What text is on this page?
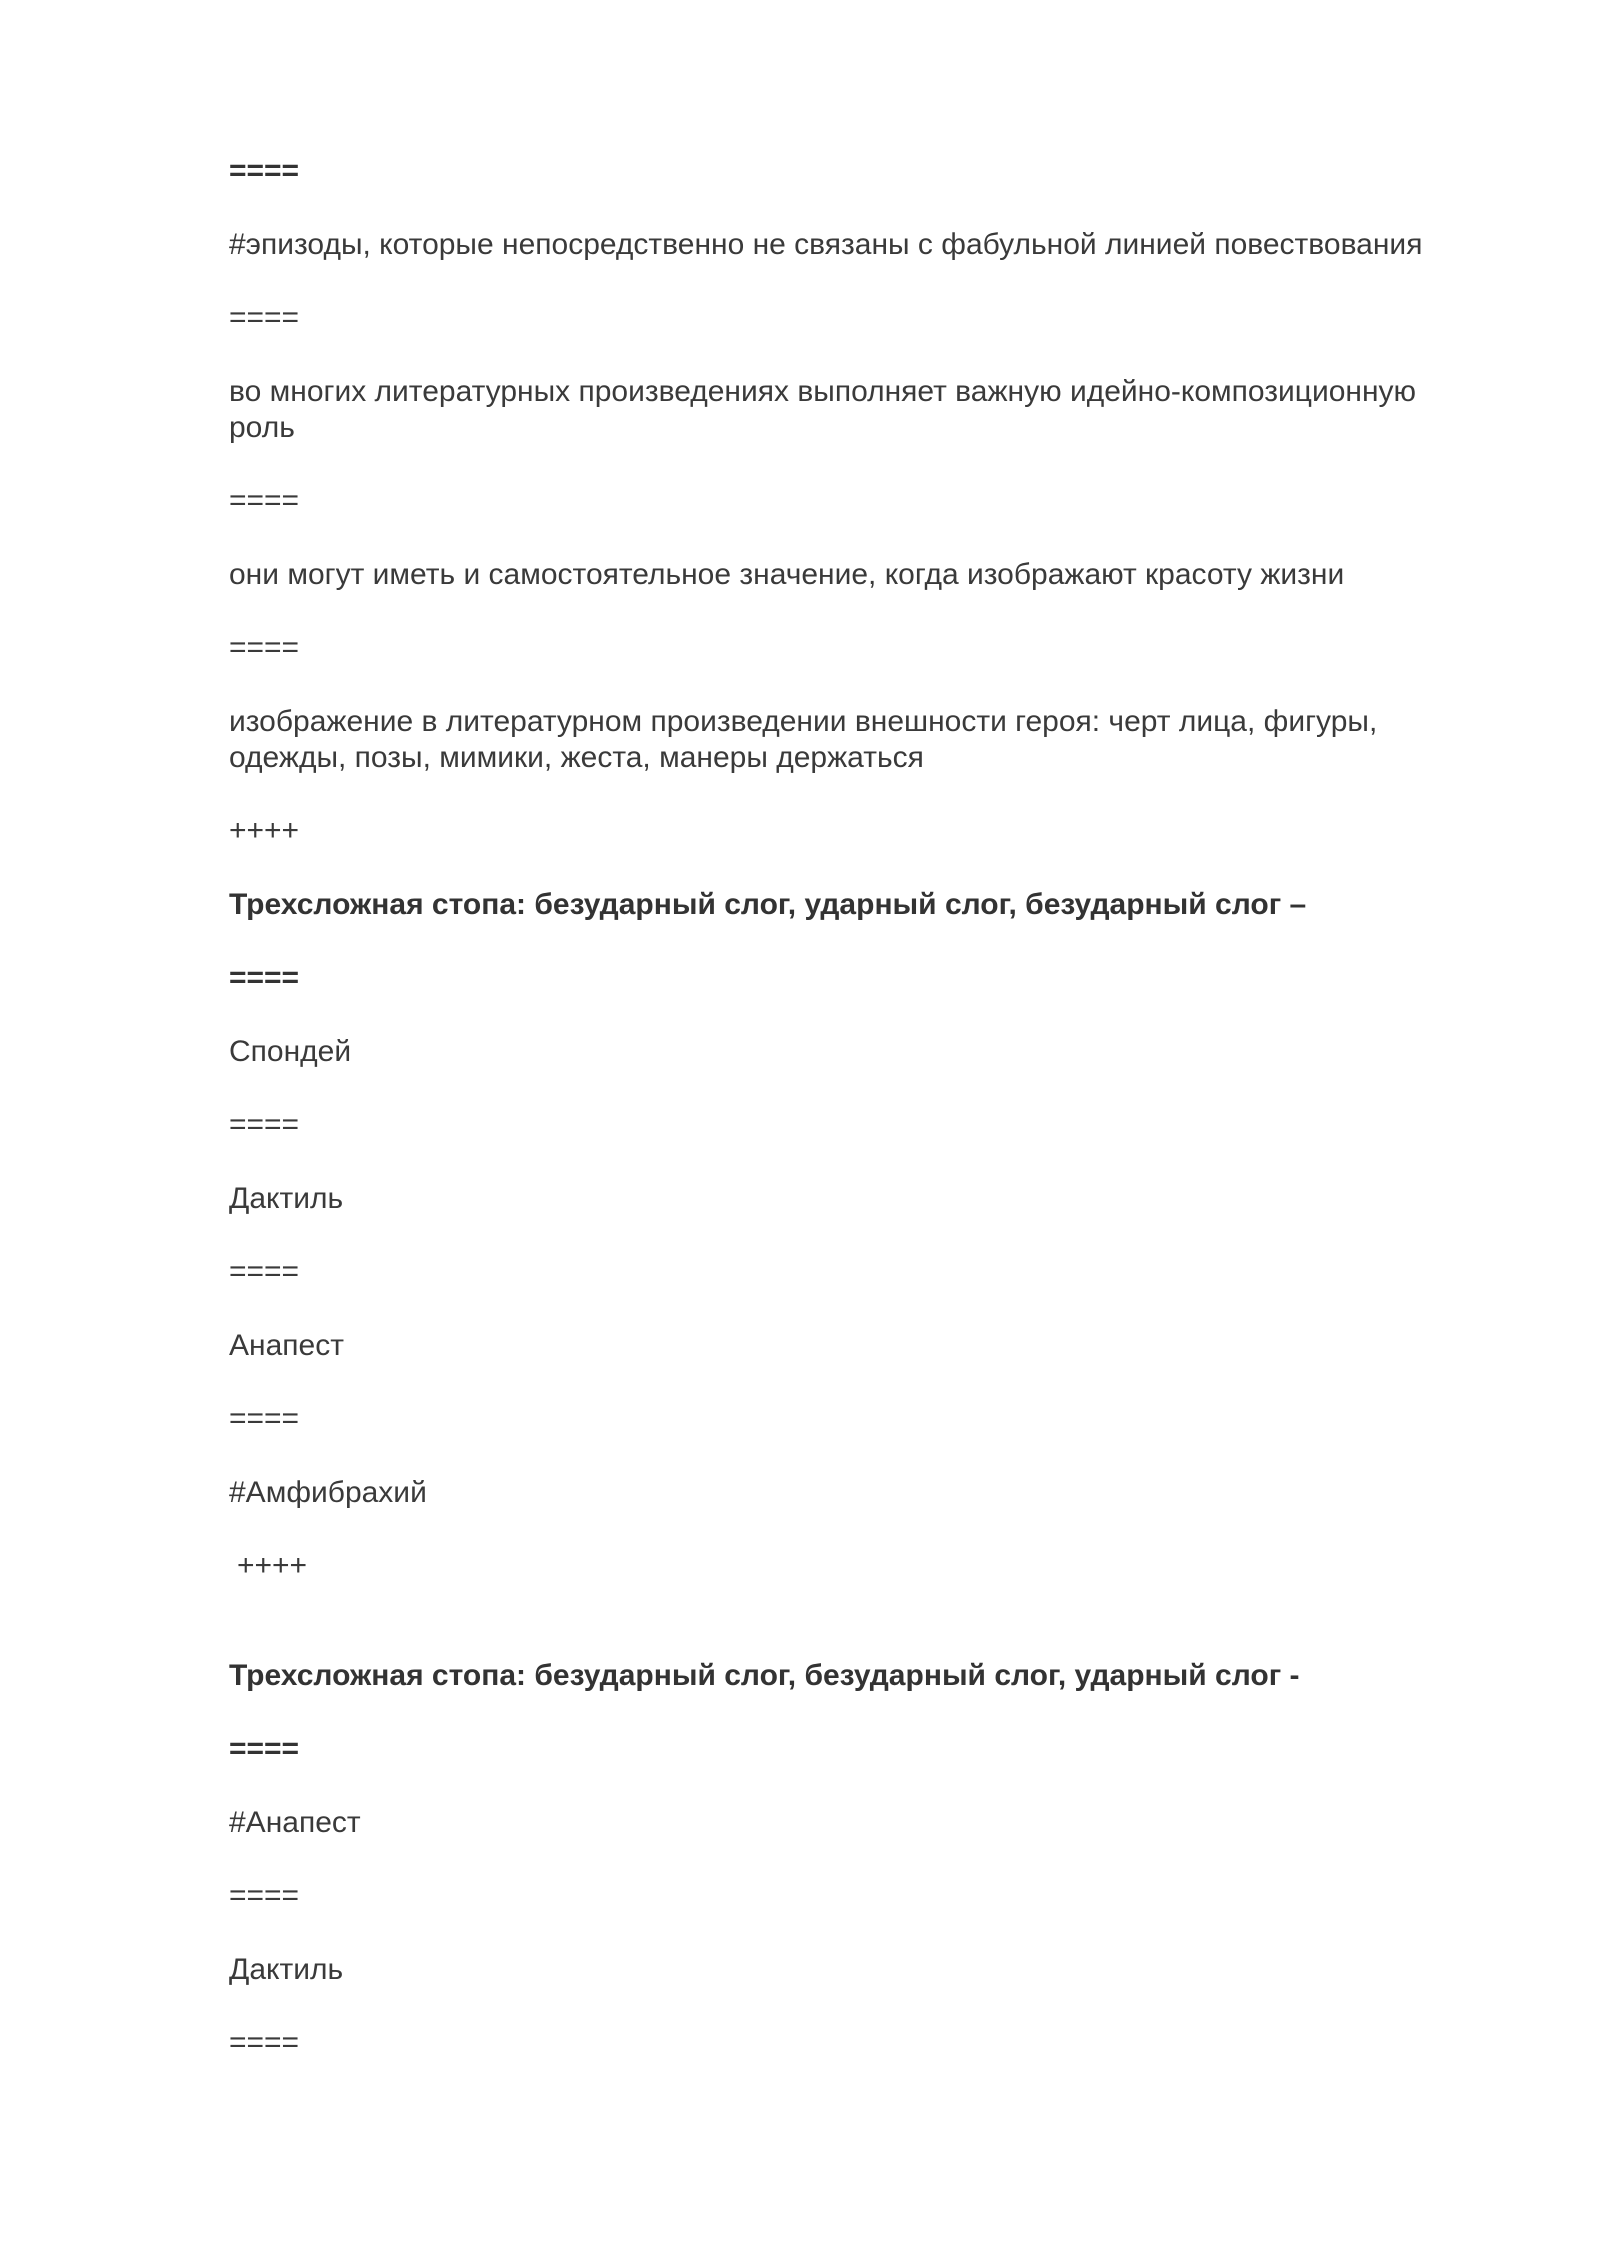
====

#эпизоды, которые непосредственно не связаны с фабульной линией повествования

====

во многих литературных произведениях выполняет важную идейно-композиционную роль

====

они могут иметь и самостоятельное значение, когда изображают красоту жизни

====

изображение в литературном произведении внешности героя: черт лица, фигуры, одежды, позы, мимики, жеста, манеры держаться

++++

Трехсложная стопа: безударный слог, ударный слог, безударный слог –

====

Спондей

====

Дактиль

====

Анапест

====

#Амфибрахий

++++

Трехсложная стопа: безударный слог, безударный слог, ударный слог -

====

#Анапест

====

Дактиль

====
